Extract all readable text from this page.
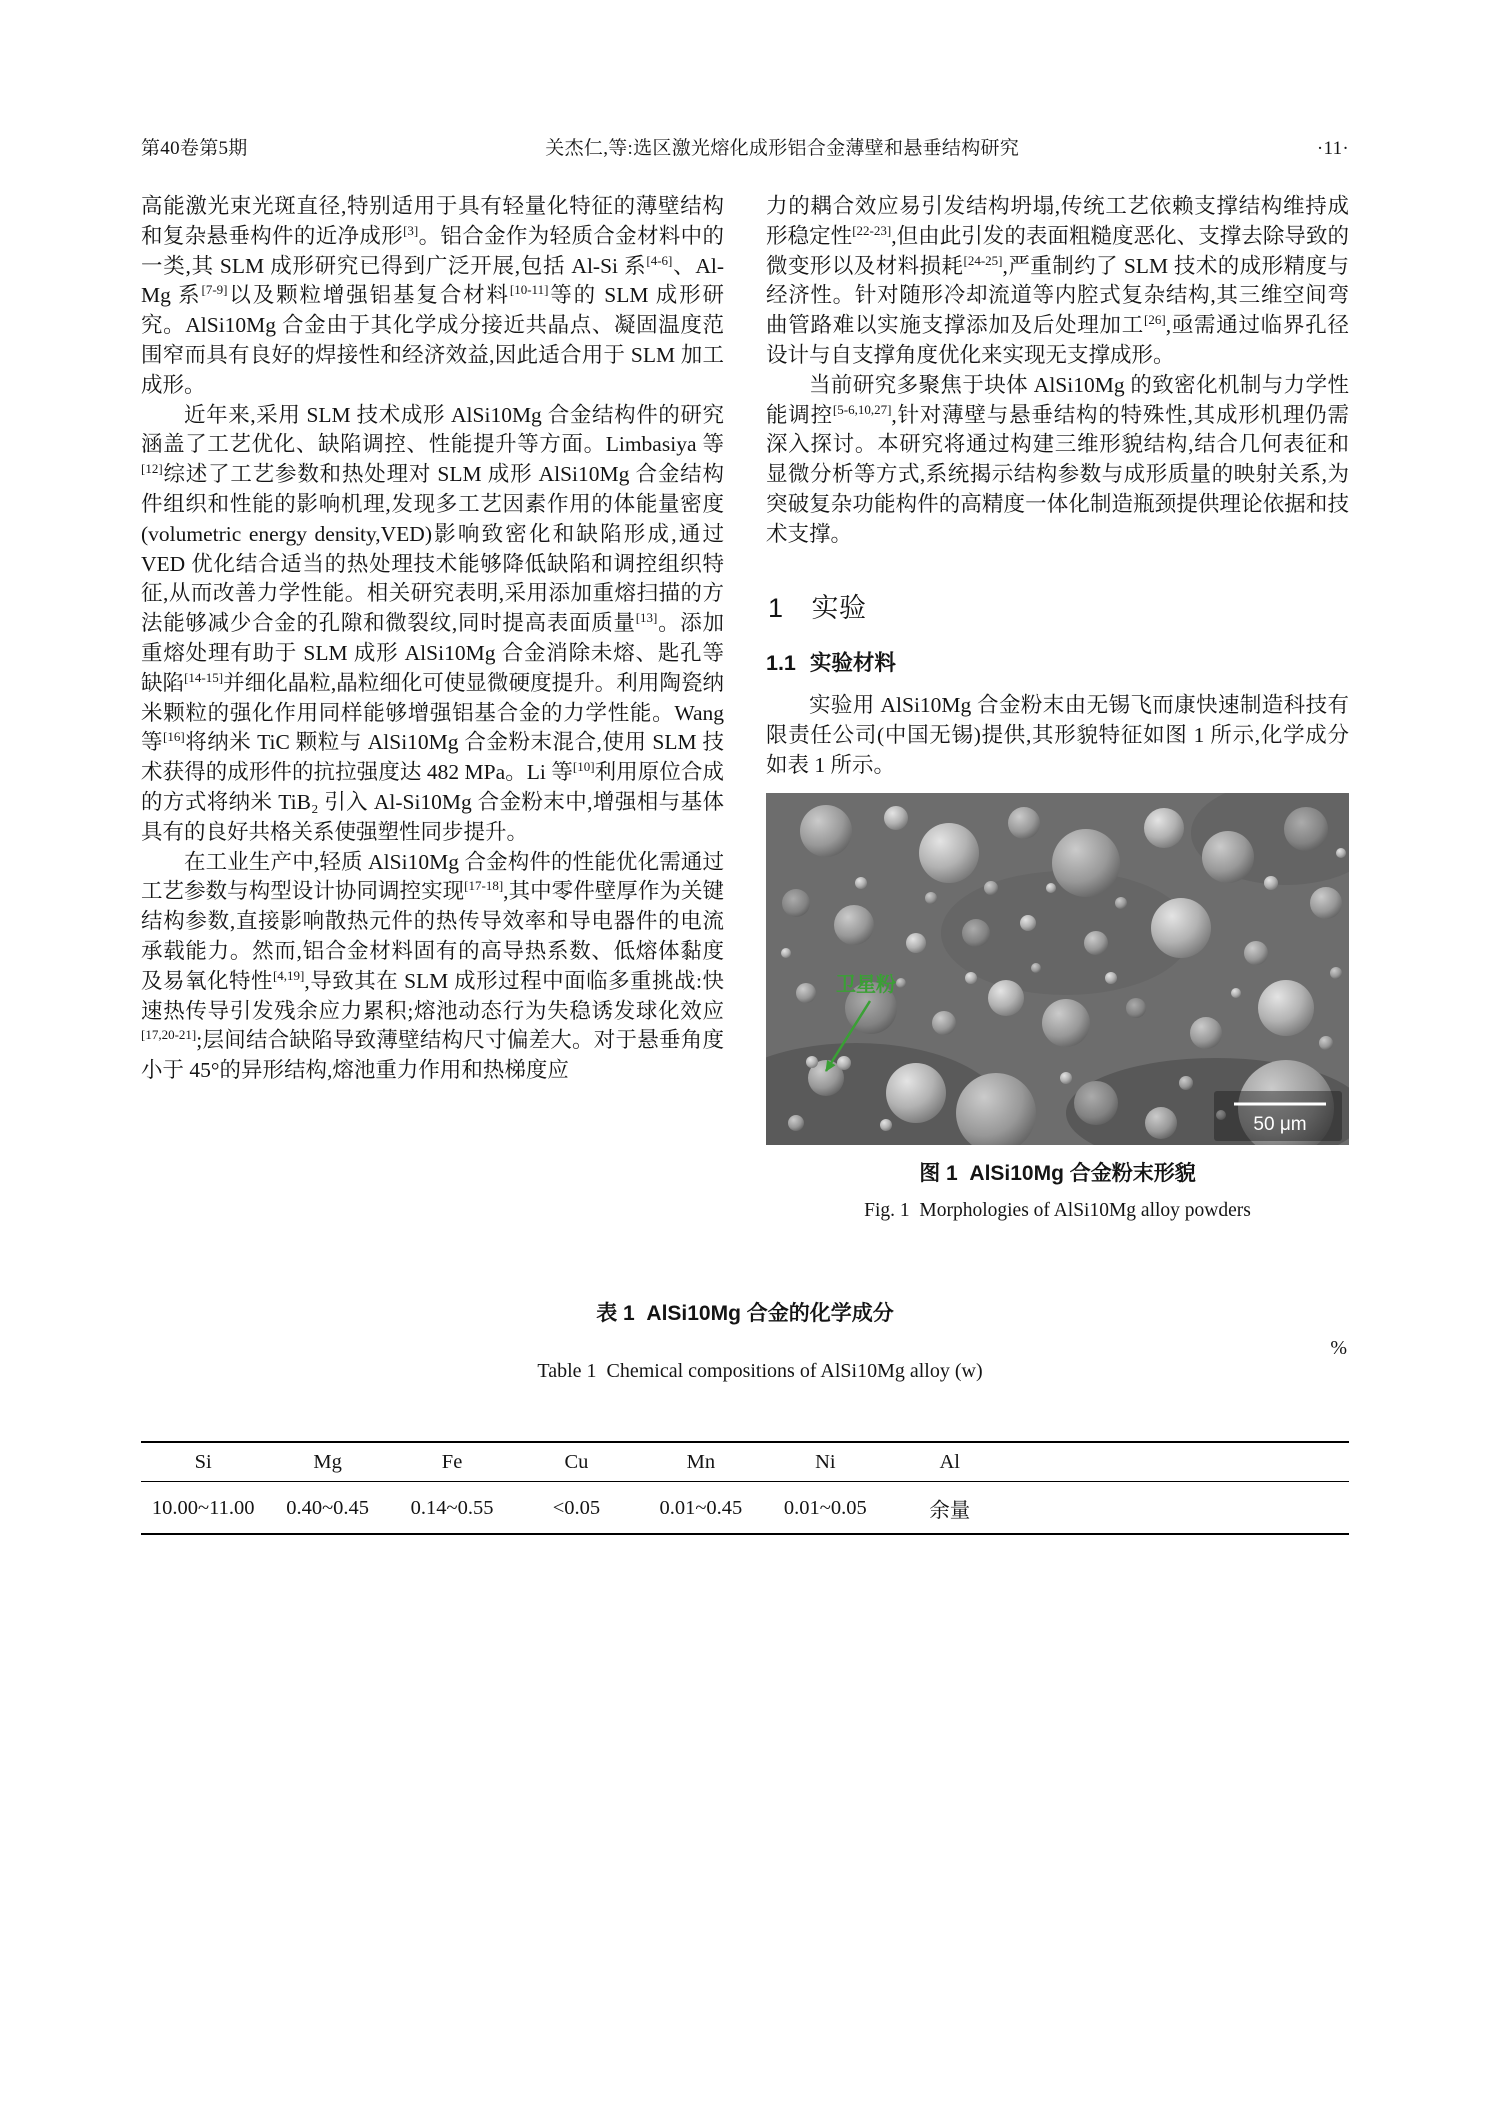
第40卷第5期	关杰仁,等:选区激光熔化成形铝合金薄壁和悬垂结构研究	·11·

高能激光束光斑直径,特别适用于具有轻量化特征的薄壁结构和复杂悬垂构件的近净成形[3]。铝合金作为轻质合金材料中的一类,其 SLM 成形研究已得到广泛开展,包括 Al-Si 系[4-6]、Al-Mg 系[7-9]以及颗粒增强铝基复合材料[10-11]等的 SLM 成形研究。AlSi10Mg 合金由于其化学成分接近共晶点、凝固温度范围窄而具有良好的焊接性和经济效益,因此适合用于 SLM 加工成形。

近年来,采用 SLM 技术成形 AlSi10Mg 合金结构件的研究涵盖了工艺优化、缺陷调控、性能提升等方面。Limbasiya 等[12]综述了工艺参数和热处理对 SLM 成形 AlSi10Mg 合金结构件组织和性能的影响机理,发现多工艺因素作用的体能量密度(volumetric energy density,VED)影响致密化和缺陷形成,通过 VED 优化结合适当的热处理技术能够降低缺陷和调控组织特征,从而改善力学性能。相关研究表明,采用添加重熔扫描的方法能够减少合金的孔隙和微裂纹,同时提高表面质量[13]。添加重熔处理有助于 SLM 成形 AlSi10Mg 合金消除未熔、匙孔等缺陷[14-15]并细化晶粒,晶粒细化可使显微硬度提升。利用陶瓷纳米颗粒的强化作用同样能够增强铝基合金的力学性能。Wang 等[16]将纳米 TiC 颗粒与 AlSi10Mg 合金粉末混合,使用 SLM 技术获得的成形件的抗拉强度达 482 MPa。Li 等[10]利用原位合成的方式将纳米 TiB₂ 引入 Al-Si10Mg 合金粉末中,增强相与基体具有的良好共格关系使强塑性同步提升。

在工业生产中,轻质 AlSi10Mg 合金构件的性能优化需通过工艺参数与构型设计协同调控实现[17-18],其中零件壁厚作为关键结构参数,直接影响散热元件的热传导效率和导电器件的电流承载能力。然而,铝合金材料固有的高导热系数、低熔体黏度及易氧化特性[4,19],导致其在 SLM 成形过程中面临多重挑战:快速热传导引发残余应力累积;熔池动态行为失稳诱发球化效应[17,20-21];层间结合缺陷导致薄壁结构尺寸偏差大。对于悬垂角度小于 45°的异形结构,熔池重力作用和热梯度应

力的耦合效应易引发结构坍塌,传统工艺依赖支撑结构维持成形稳定性[22-23],但由此引发的表面粗糙度恶化、支撑去除导致的微变形以及材料损耗[24-25],严重制约了 SLM 技术的成形精度与经济性。针对随形冷却流道等内腔式复杂结构,其三维空间弯曲管路难以实施支撑添加及后处理加工[26],亟需通过临界孔径设计与自支撑角度优化来实现无支撑成形。

当前研究多聚焦于块体 AlSi10Mg 的致密化机制与力学性能调控[5-6,10,27],针对薄壁与悬垂结构的特殊性,其成形机理仍需深入探讨。本研究将通过构建三维形貌结构,结合几何表征和显微分析等方式,系统揭示结构参数与成形质量的映射关系,为突破复杂功能构件的高精度一体化制造瓶颈提供理论依据和技术支撑。

1 实验
1.1 实验材料

实验用 AlSi10Mg 合金粉末由无锡飞而康快速制造科技有限责任公司(中国无锡)提供,其形貌特征如图 1 所示,化学成分如表 1 所示。

卫星粉
50 μm
图 1  AlSi10Mg 合金粉末形貌
Fig. 1  Morphologies of AlSi10Mg alloy powders
表 1  AlSi10Mg 合金的化学成分

Table 1  Chemical compositions of AlSi10Mg alloy (w)

%

Si	Mg	Fe	Cu	Mn	Ni	Al	
10.00~11.00	0.40~0.45	0.14~0.55	<0.05	0.01~0.45	0.01~0.05	余量	
